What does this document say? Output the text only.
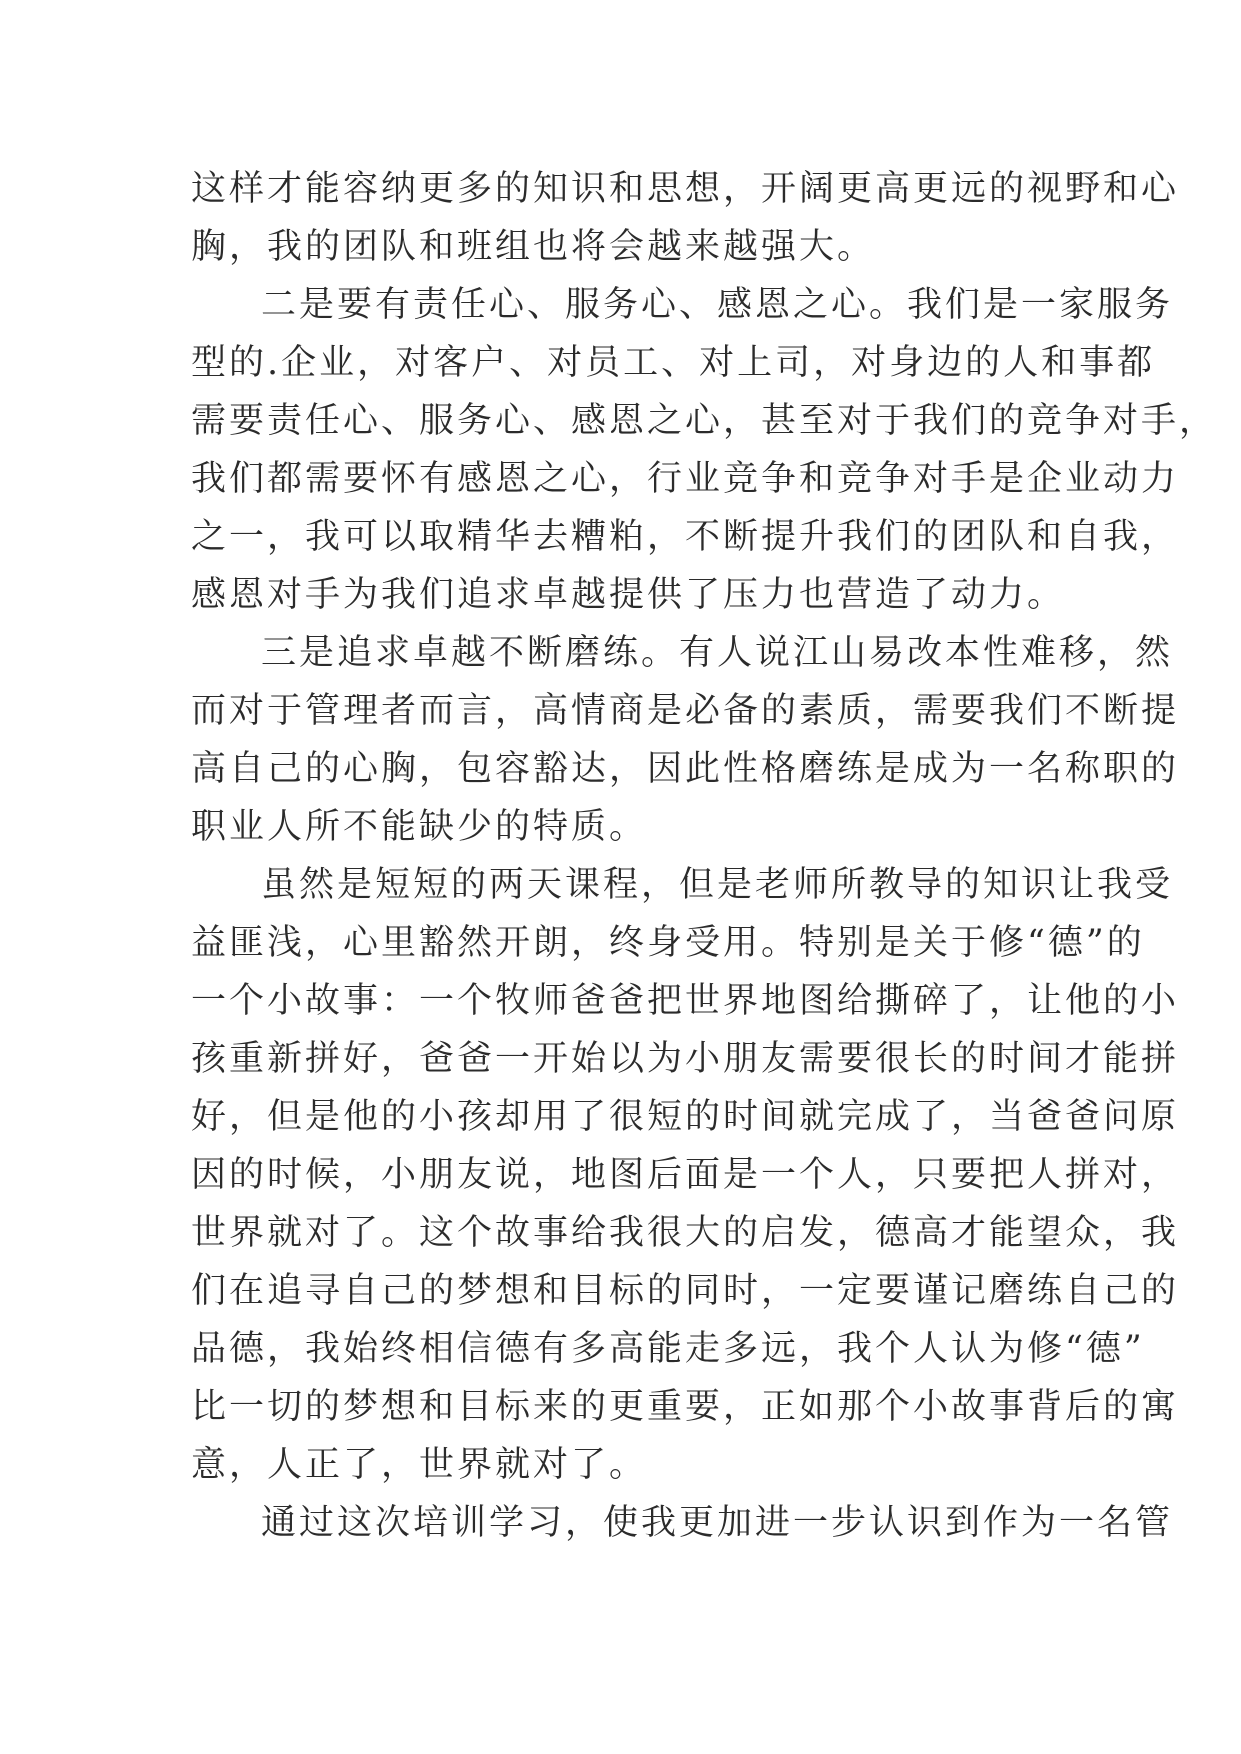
这样才能容纳更多的知识和思想，开阔更高更远的视野和心
胸，我的团队和班组也将会越来越强大。
二是要有责任心、服务心、感恩之心。我们是一家服务
型的.企业，对客户、对员工、对上司，对身边的人和事都
需要责任心、服务心、感恩之心，甚至对于我们的竞争对手，
我们都需要怀有感恩之心，行业竞争和竞争对手是企业动力
之一，我可以取精华去糟粕，不断提升我们的团队和自我，
感恩对手为我们追求卓越提供了压力也营造了动力。
三是追求卓越不断磨练。有人说江山易改本性难移，然
而对于管理者而言，高情商是必备的素质，需要我们不断提
高自己的心胸，包容豁达，因此性格磨练是成为一名称职的
职业人所不能缺少的特质。
虽然是短短的两天课程，但是老师所教导的知识让我受
益匪浅，心里豁然开朗，终身受用。特别是关于修“德”的
一个小故事：一个牧师爸爸把世界地图给撕碎了，让他的小
孩重新拼好，爸爸一开始以为小朋友需要很长的时间才能拼
好，但是他的小孩却用了很短的时间就完成了，当爸爸问原
因的时候，小朋友说，地图后面是一个人，只要把人拼对，
世界就对了。这个故事给我很大的启发，德高才能望众，我
们在追寻自己的梦想和目标的同时，一定要谨记磨练自己的
品德，我始终相信德有多高能走多远，我个人认为修“德”
比一切的梦想和目标来的更重要，正如那个小故事背后的寓
意，人正了，世界就对了。
通过这次培训学习，使我更加进一步认识到作为一名管
